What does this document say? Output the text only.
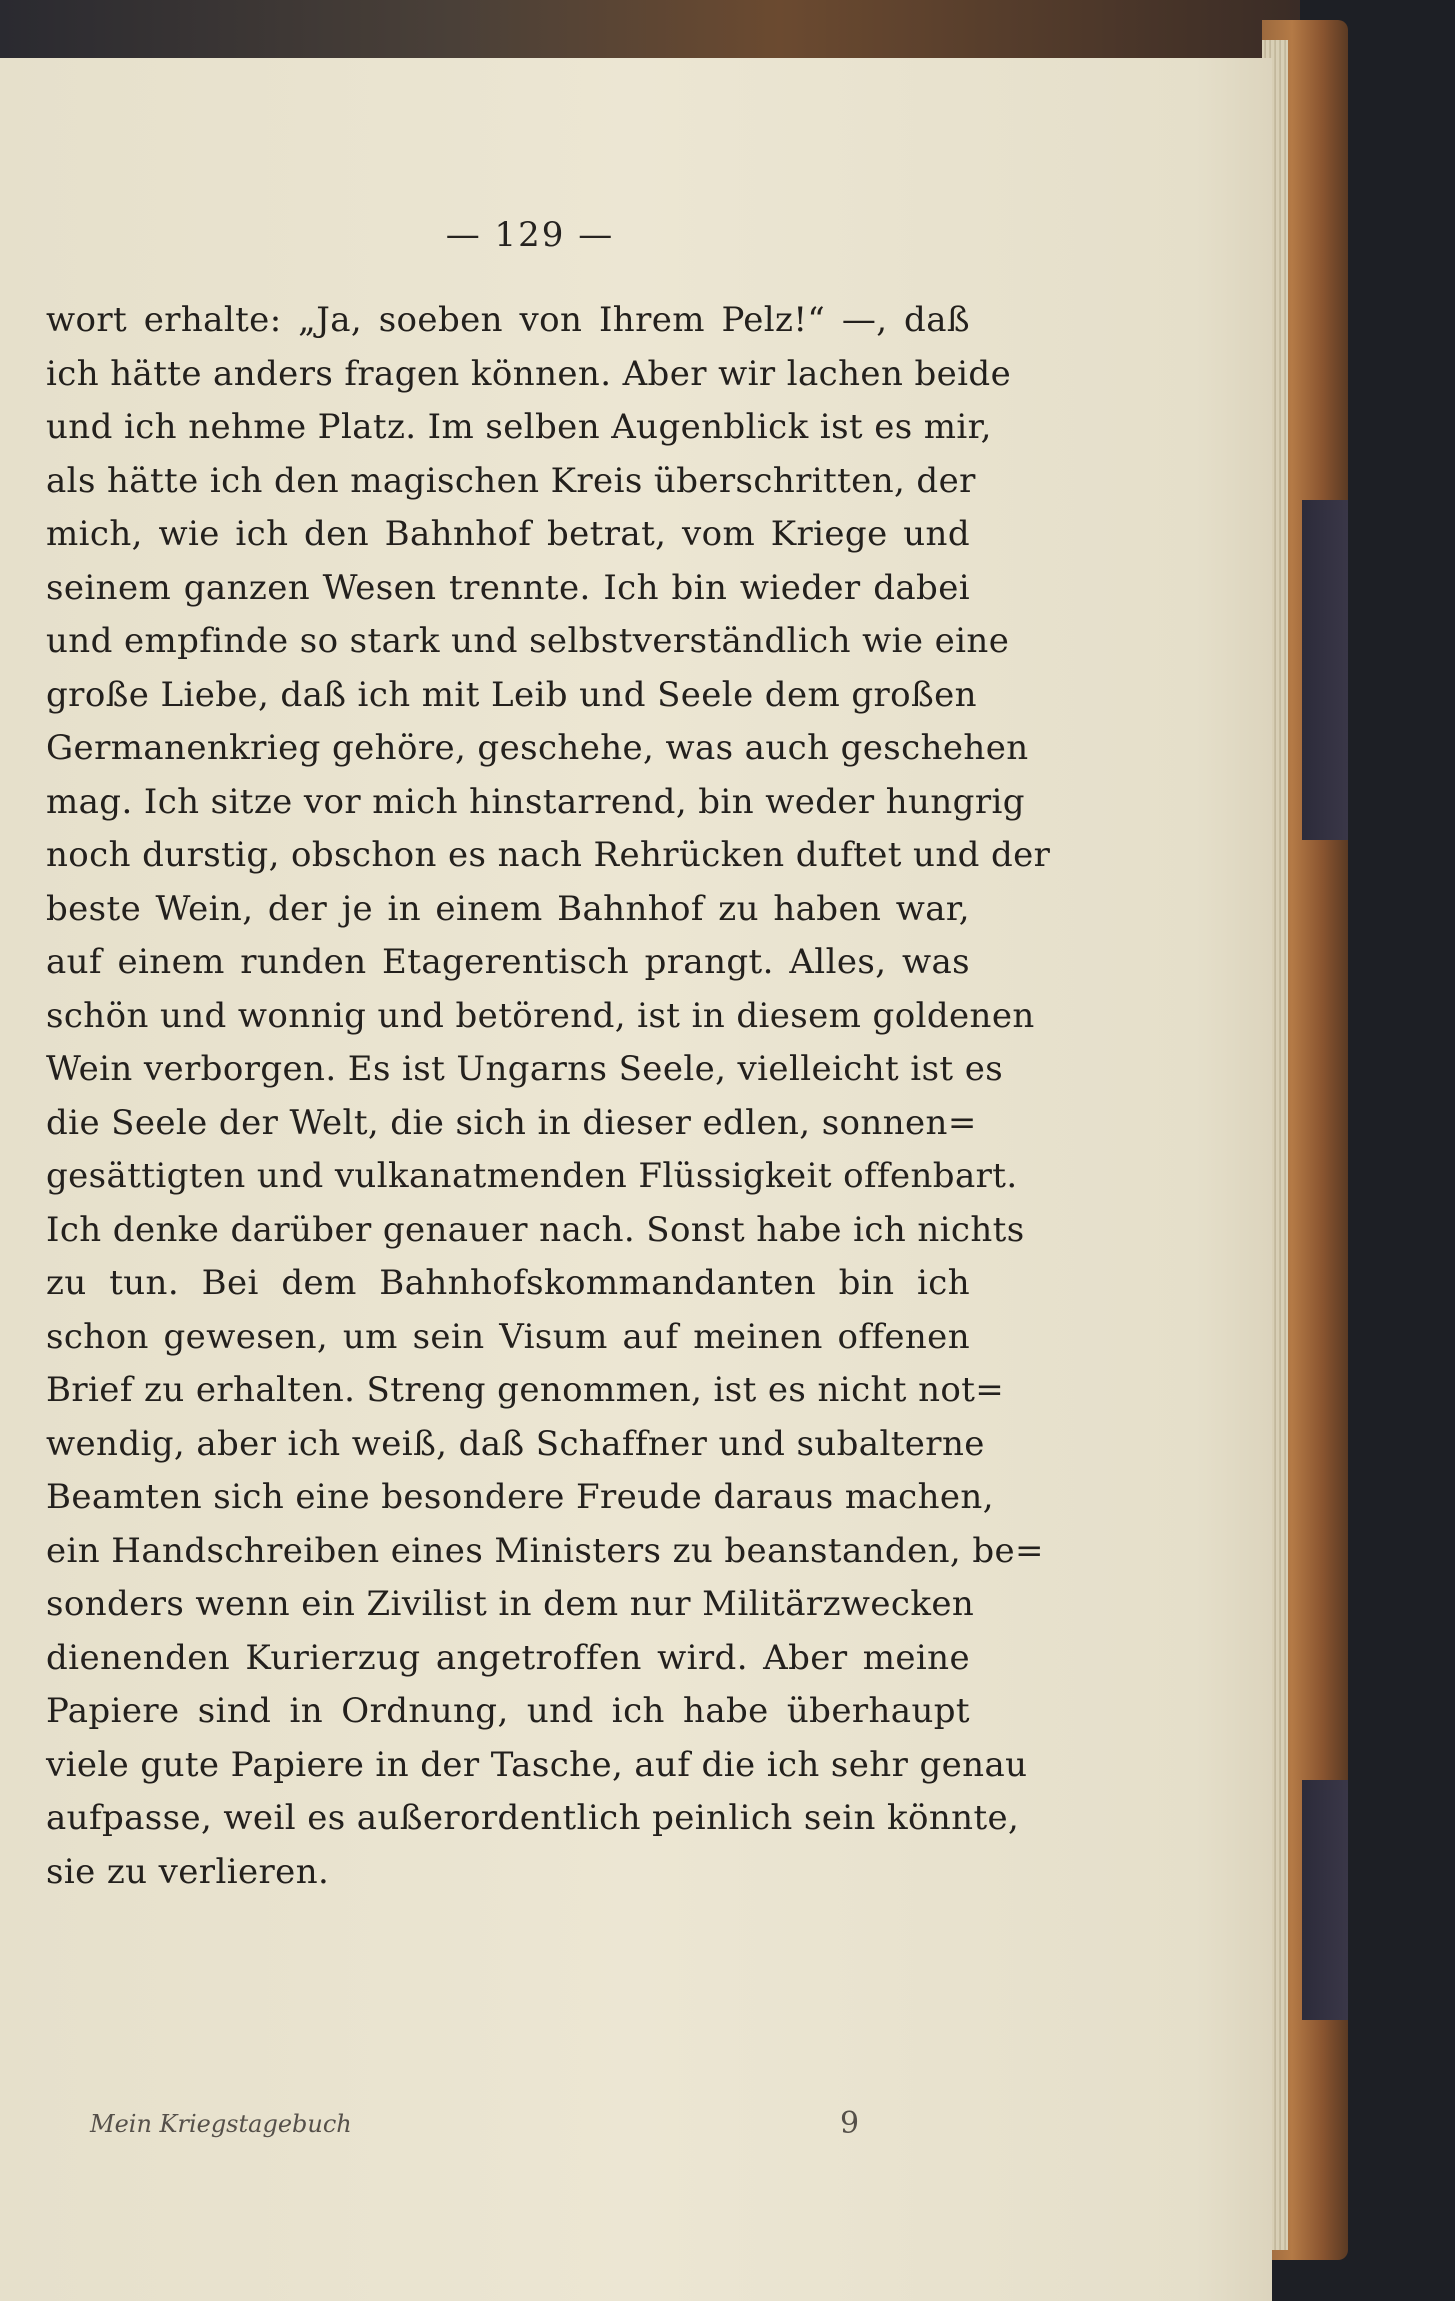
— 129 —
wort erhalte: „Ja, soeben von Ihrem Pelz!“ —, daß
ich hätte anders fragen können. Aber wir lachen beide
und ich nehme Platz. Im selben Augenblick ist es mir,
als hätte ich den magischen Kreis überschritten, der
mich, wie ich den Bahnhof betrat, vom Kriege und
seinem ganzen Wesen trennte. Ich bin wieder dabei
und empfinde so stark und selbstverständlich wie eine
große Liebe, daß ich mit Leib und Seele dem großen
Germanenkrieg gehöre, geschehe, was auch geschehen
mag. Ich sitze vor mich hinstarrend, bin weder hungrig
noch durstig, obschon es nach Rehrücken duftet und der
beste Wein, der je in einem Bahnhof zu haben war,
auf einem runden Etagerentisch prangt. Alles, was
schön und wonnig und betörend, ist in diesem goldenen
Wein verborgen. Es ist Ungarns Seele, vielleicht ist es
die Seele der Welt, die sich in dieser edlen, sonnen=
gesättigten und vulkanatmenden Flüssigkeit offenbart.
Ich denke darüber genauer nach. Sonst habe ich nichts
zu tun. Bei dem Bahnhofskommandanten bin ich
schon gewesen, um sein Visum auf meinen offenen
Brief zu erhalten. Streng genommen, ist es nicht not=
wendig, aber ich weiß, daß Schaffner und subalterne
Beamten sich eine besondere Freude daraus machen,
ein Handschreiben eines Ministers zu beanstanden, be=
sonders wenn ein Zivilist in dem nur Militärzwecken
dienenden Kurierzug angetroffen wird. Aber meine
Papiere sind in Ordnung, und ich habe überhaupt
viele gute Papiere in der Tasche, auf die ich sehr genau
aufpasse, weil es außerordentlich peinlich sein könnte,
sie zu verlieren.
Mein Kriegstagebuch	9
